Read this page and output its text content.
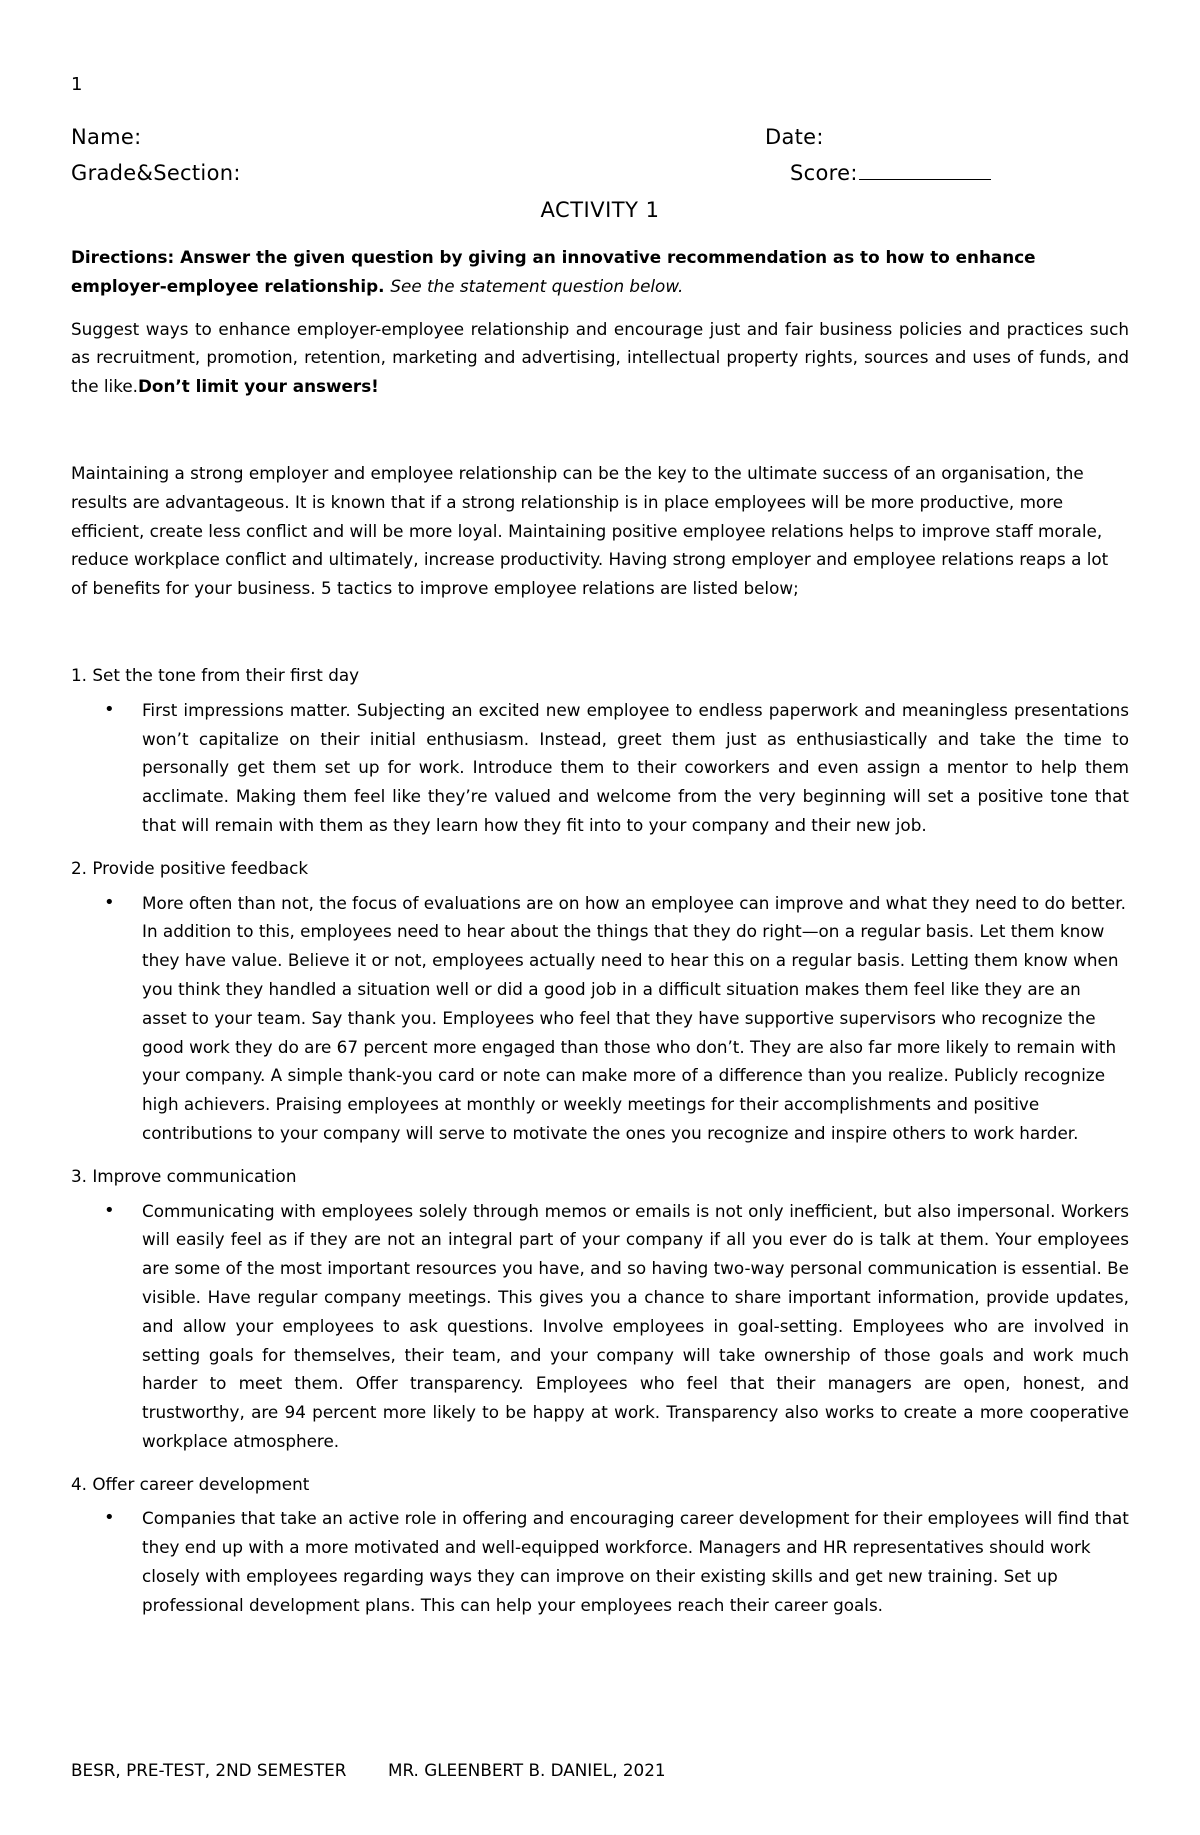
1
Name:	Date:
Grade&Section:	Score:
ACTIVITY 1

Directions: Answer the given question by giving an innovative recommendation as to how to enhance employer-employee relationship. See the statement question below.

Suggest ways to enhance employer-employee relationship and encourage just and fair business policies and practices such as recruitment, promotion, retention, marketing and advertising, intellectual property rights, sources and uses of funds, and the like.Don’t limit your answers!

Maintaining a strong employer and employee relationship can be the key to the ultimate success of an organisation, the results are advantageous. It is known that if a strong relationship is in place employees will be more productive, more efficient, create less conflict and will be more loyal. Maintaining positive employee relations helps to improve staff morale, reduce workplace conflict and ultimately, increase productivity. Having strong employer and employee relations reaps a lot of benefits for your business. 5 tactics to improve employee relations are listed below;

1. Set the tone from their first day

• First impressions matter. Subjecting an excited new employee to endless paperwork and meaningless presentations won’t capitalize on their initial enthusiasm. Instead, greet them just as enthusiastically and take the time to personally get them set up for work. Introduce them to their coworkers and even assign a mentor to help them acclimate. Making them feel like they’re valued and welcome from the very beginning will set a positive tone that that will remain with them as they learn how they fit into to your company and their new job.

2. Provide positive feedback

• More often than not, the focus of evaluations are on how an employee can improve and what they need to do better. In addition to this, employees need to hear about the things that they do right—on a regular basis. Let them know they have value. Believe it or not, employees actually need to hear this on a regular basis. Letting them know when you think they handled a situation well or did a good job in a difficult situation makes them feel like they are an asset to your team. Say thank you. Employees who feel that they have supportive supervisors who recognize the good work they do are 67 percent more engaged than those who don’t. They are also far more likely to remain with your company. A simple thank-you card or note can make more of a difference than you realize. Publicly recognize high achievers. Praising employees at monthly or weekly meetings for their accomplishments and positive contributions to your company will serve to motivate the ones you recognize and inspire others to work harder.

3. Improve communication

• Communicating with employees solely through memos or emails is not only inefficient, but also impersonal. Workers will easily feel as if they are not an integral part of your company if all you ever do is talk at them. Your employees are some of the most important resources you have, and so having two-way personal communication is essential. Be visible. Have regular company meetings. This gives you a chance to share important information, provide updates, and allow your employees to ask questions. Involve employees in goal-setting. Employees who are involved in setting goals for themselves, their team, and your company will take ownership of those goals and work much harder to meet them. Offer transparency. Employees who feel that their managers are open, honest, and trustworthy, are 94 percent more likely to be happy at work. Transparency also works to create a more cooperative workplace atmosphere.

4. Offer career development

• Companies that take an active role in offering and encouraging career development for their employees will find that they end up with a more motivated and well-equipped workforce. Managers and HR representatives should work closely with employees regarding ways they can improve on their existing skills and get new training. Set up professional development plans. This can help your employees reach their career goals.
BESR, PRE-TEST, 2ND SEMESTER MR. GLEENBERT B. DANIEL, 2021
